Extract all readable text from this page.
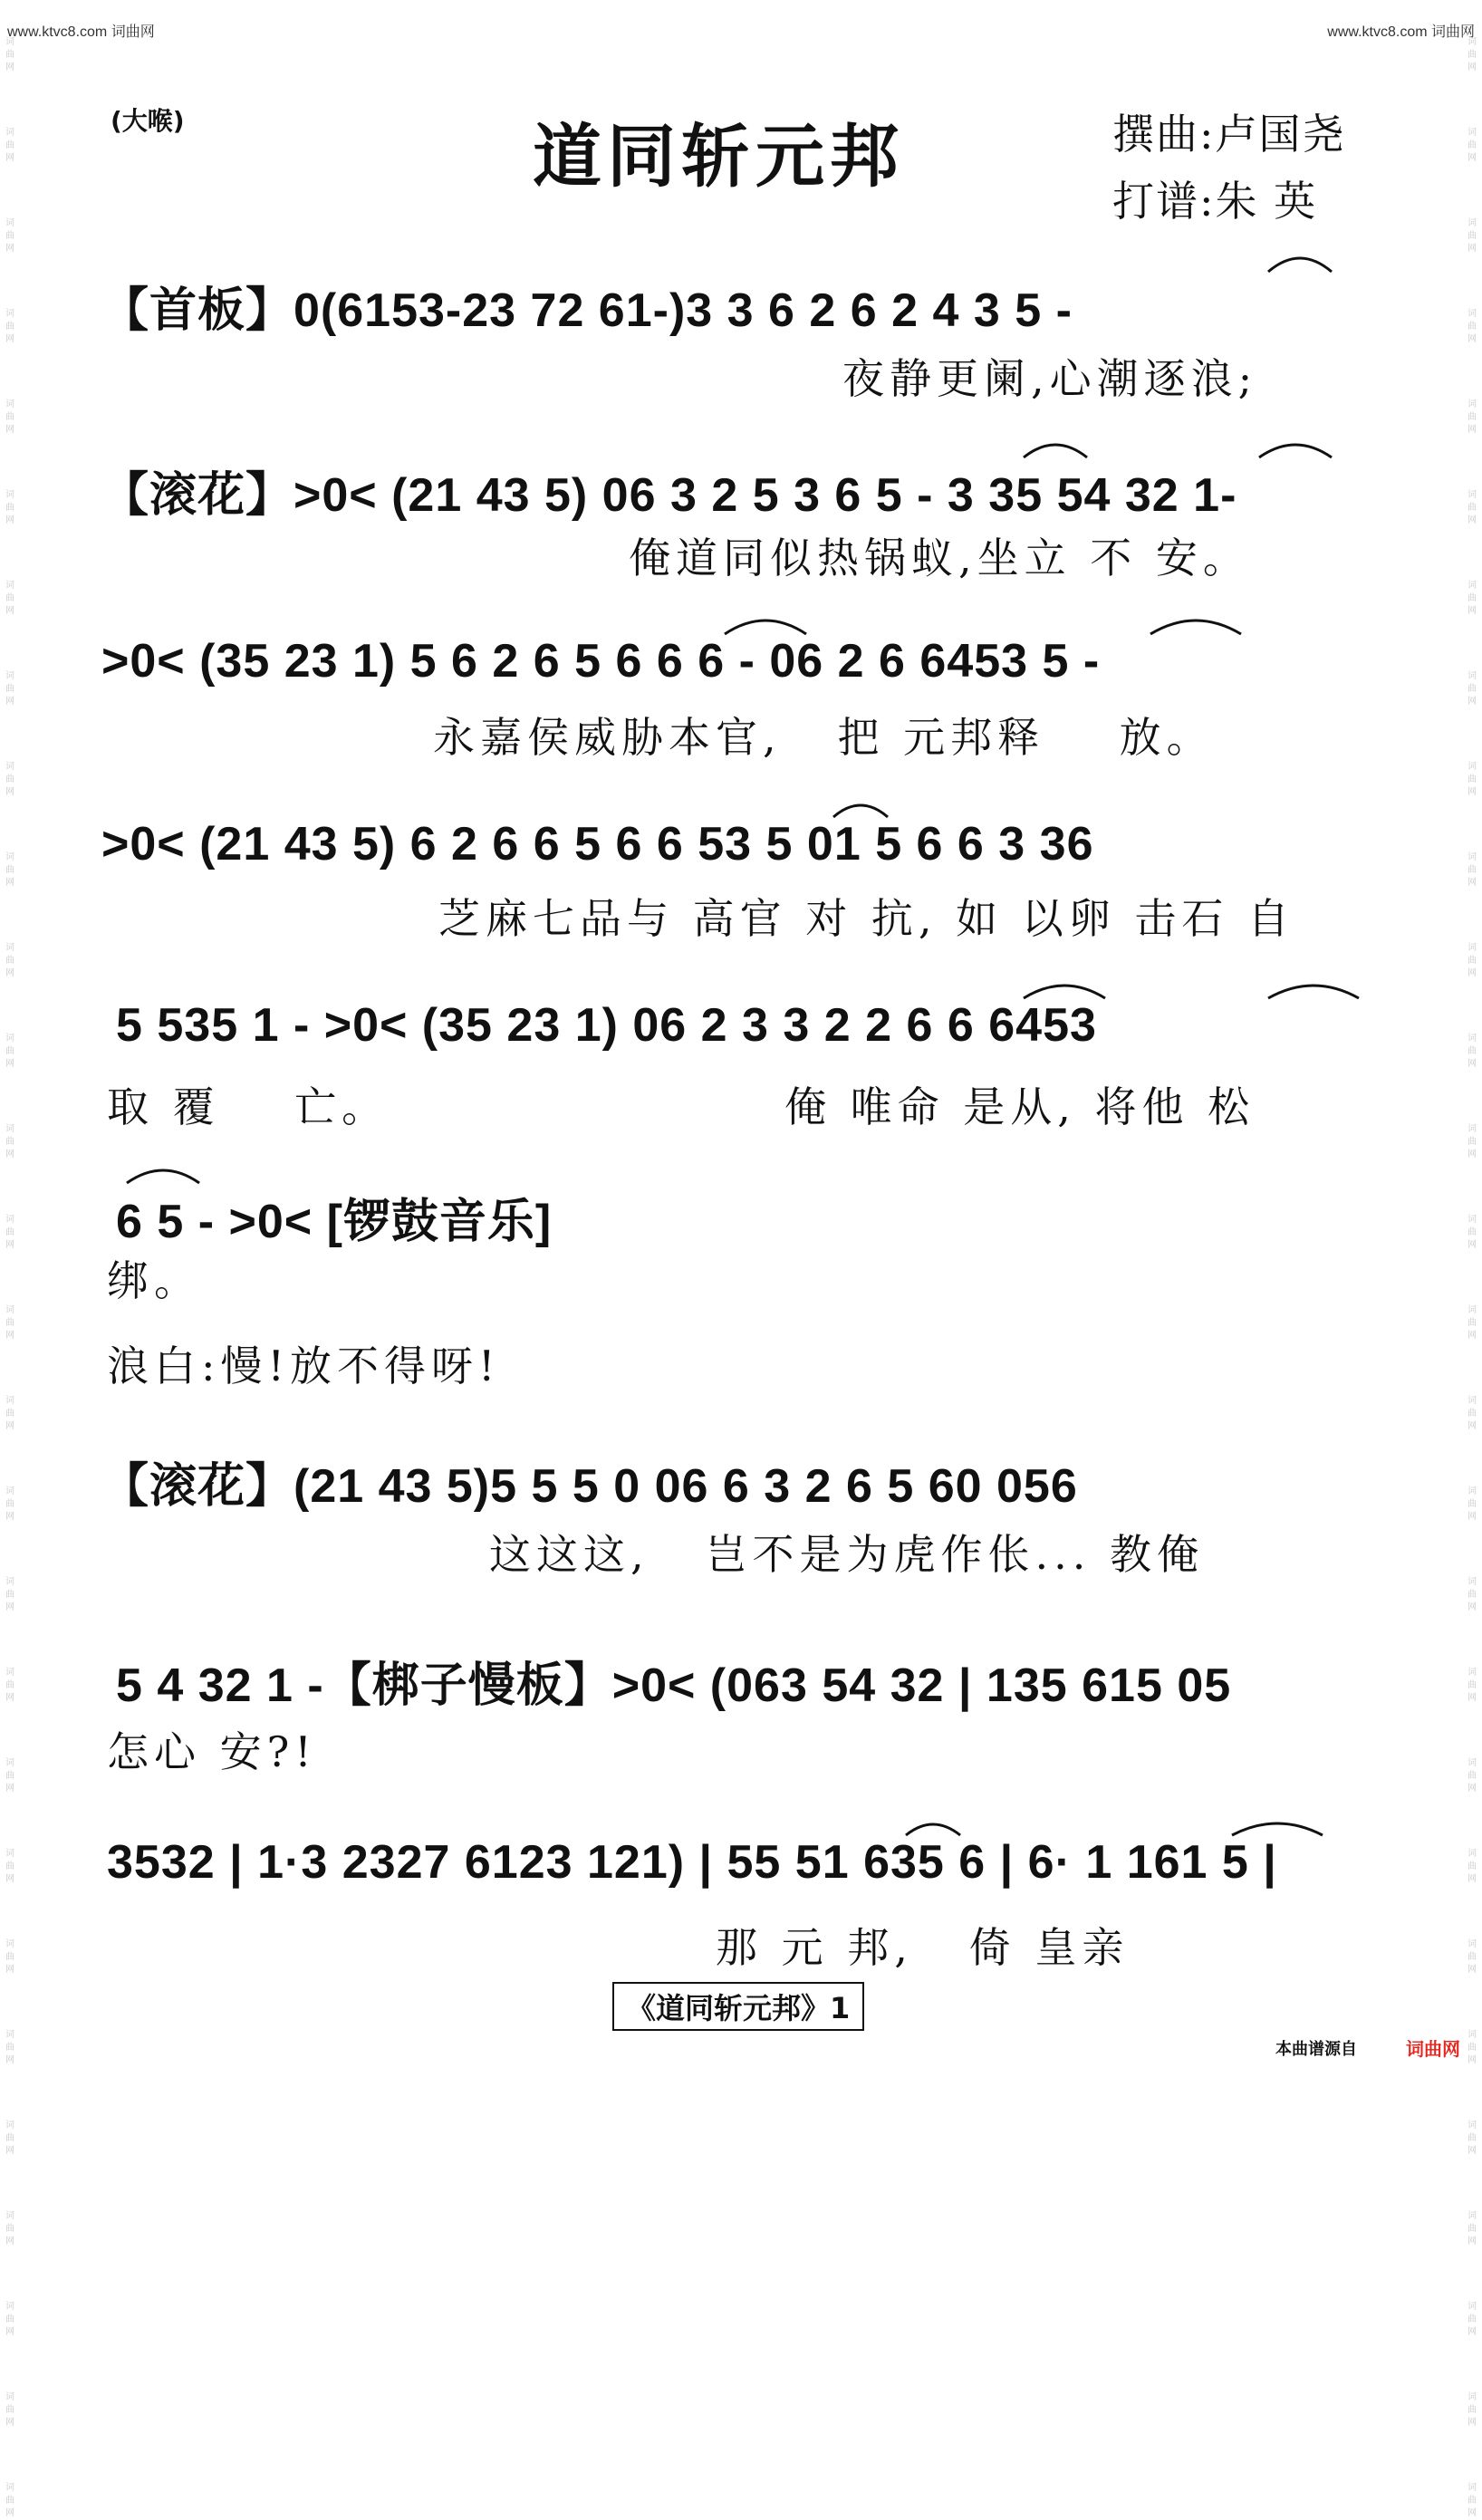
www.ktvc8.com 词曲网	www.ktvc8.com 词曲网
词曲网
词曲网
词曲网
词曲网
词曲网
词曲网
词曲网
词曲网
词曲网
词曲网
词曲网
词曲网
词曲网
词曲网
词曲网
词曲网
词曲网
词曲网
词曲网
词曲网
词曲网
词曲网
词曲网
词曲网
词曲网
词曲网
词曲网
词曲网
词曲网
词曲网
词曲网
词曲网
词曲网
词曲网
词曲网
词曲网
词曲网
词曲网
词曲网
词曲网
词曲网
词曲网
词曲网
词曲网
词曲网
词曲网
词曲网
词曲网
词曲网
词曲网
词曲网
词曲网
词曲网
词曲网
词曲网
词曲网
(大喉)	道同斩元邦	撰曲:卢国尧
打谱:朱 英
【首板】0(6153-23 72 61-)3 3 6 2 6 2 4 3 5 -
夜静更阑,心潮逐浪;
【滚花】>0< (21 43 5) 06 3 2 5 3 6 5 - 3 35 54 32 1-
俺道同似热锅蚁,坐立 不 安。
>0< (35 23 1) 5 6 2 6 5 6 6 6 - 06 2 6 6453 5 -
永嘉侯威胁本官,   把 元邦释    放。
>0< (21 43 5) 6 2 6 6 5 6 6 53 5 01 5 6 6 3 36
芝麻七品与 高官 对 抗, 如 以卵 击石 自
5 535 1 - >0< (35 23 1) 06 2 3 3 2 2 6 6 6453
取 覆    亡。	俺 唯命 是从, 将他 松
6 5 - >0< [锣鼓音乐]
绑。
浪白:慢!放不得呀!
【滚花】(21 43 5)5 5 5 0 06 6 3 2 6 5 60 056
这这这,   岂不是为虎作伥... 教俺
5 4 32 1 -【梆子慢板】>0< (063 54 32 | 135 615 05
怎心 安?!
3532 | 1·3 2327 6123 121) | 55 51 635 6 | 6· 1 161 5 |
那 元 邦,   倚 皇亲
《道同斩元邦》1
本曲谱源自	词曲网
